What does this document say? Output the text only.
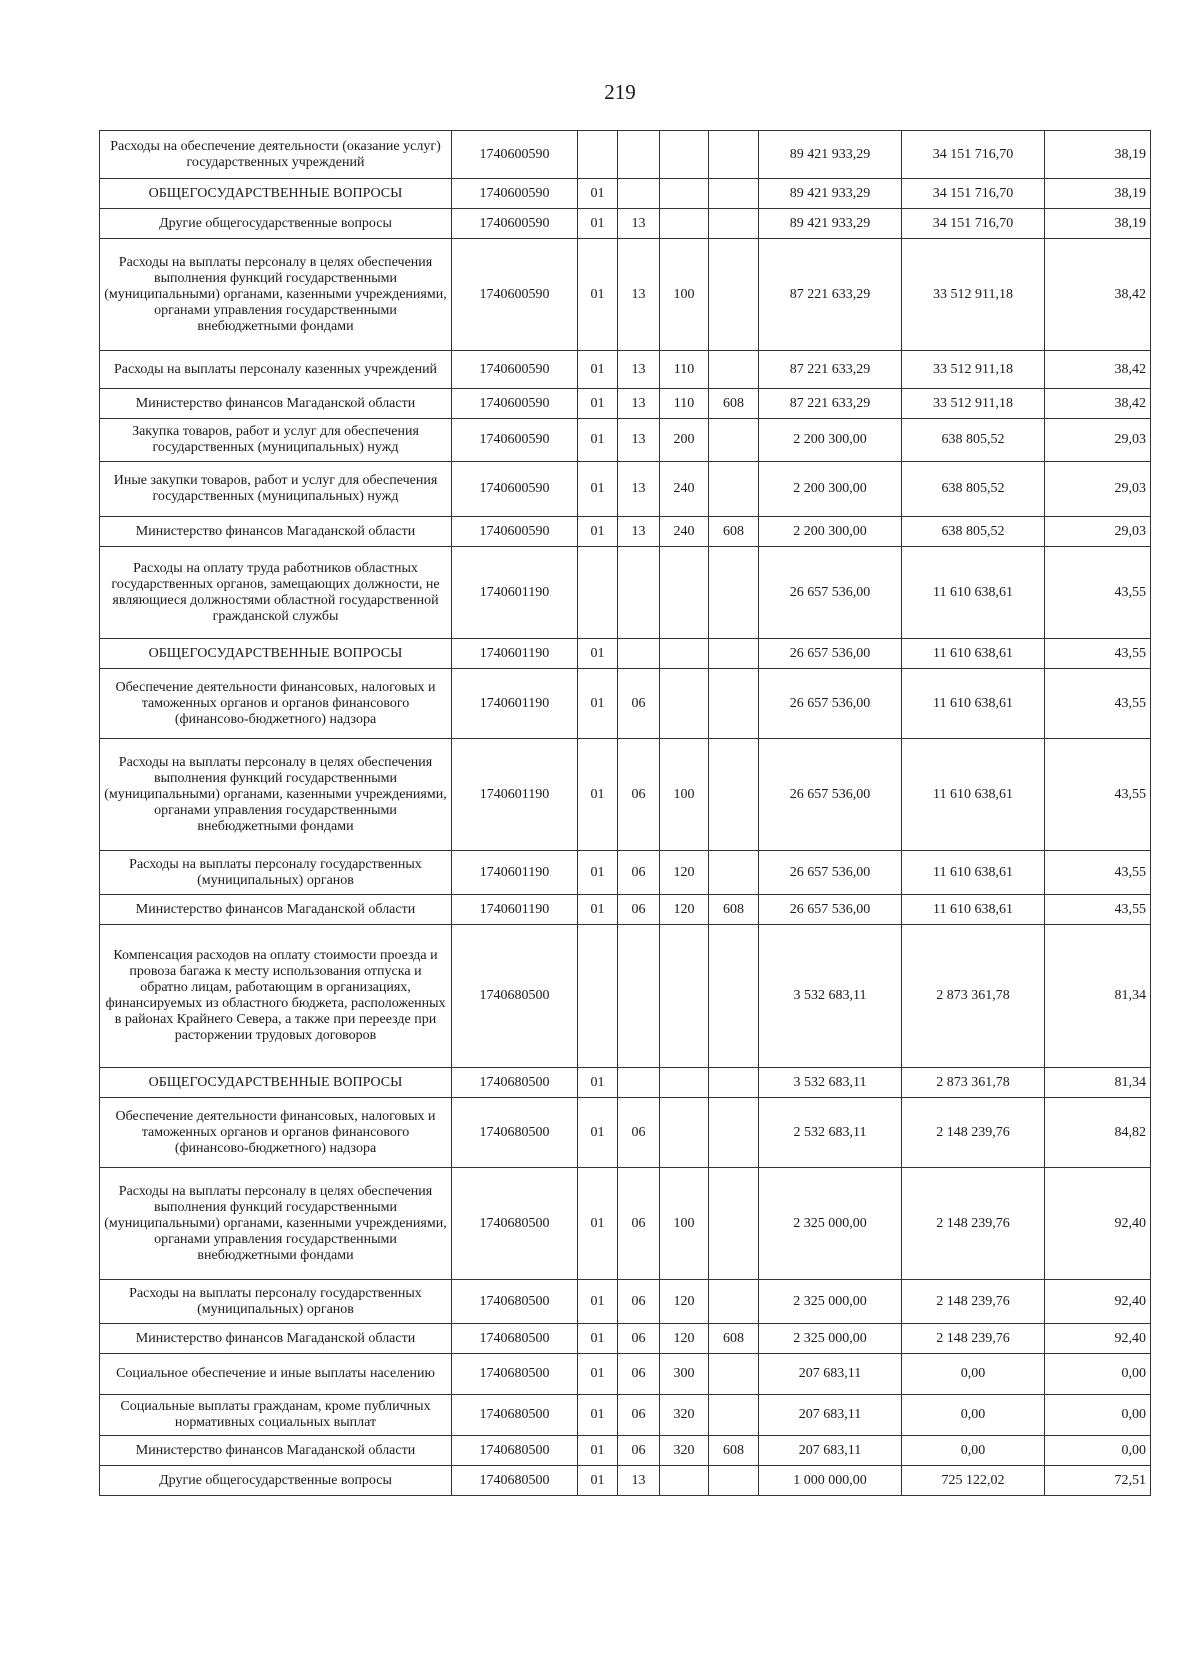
219
Расходы на обеспечение деятельности (оказание услуг) государственных учреждений	1740600590					89 421 933,29	34 151 716,70	38,19
ОБЩЕГОСУДАРСТВЕННЫЕ ВОПРОСЫ	1740600590	01				89 421 933,29	34 151 716,70	38,19
Другие общегосударственные вопросы	1740600590	01	13			89 421 933,29	34 151 716,70	38,19
Расходы на выплаты персоналу в целях обеспечения выполнения функций государственными (муниципальными) органами, казенными учреждениями, органами управления государственными внебюджетными фондами	1740600590	01	13	100		87 221 633,29	33 512 911,18	38,42
Расходы на выплаты персоналу казенных учреждений	1740600590	01	13	110		87 221 633,29	33 512 911,18	38,42
Министерство финансов Магаданской области	1740600590	01	13	110	608	87 221 633,29	33 512 911,18	38,42
Закупка товаров, работ и услуг для обеспечения государственных (муниципальных) нужд	1740600590	01	13	200		2 200 300,00	638 805,52	29,03
Иные закупки товаров, работ и услуг для обеспечения государственных (муниципальных) нужд	1740600590	01	13	240		2 200 300,00	638 805,52	29,03
Министерство финансов Магаданской области	1740600590	01	13	240	608	2 200 300,00	638 805,52	29,03
Расходы на оплату труда работников областных государственных органов, замещающих должности, не являющиеся должностями областной государственной гражданской службы	1740601190					26 657 536,00	11 610 638,61	43,55
ОБЩЕГОСУДАРСТВЕННЫЕ ВОПРОСЫ	1740601190	01				26 657 536,00	11 610 638,61	43,55
Обеспечение деятельности финансовых, налоговых и таможенных органов и органов финансового (финансово-бюджетного) надзора	1740601190	01	06			26 657 536,00	11 610 638,61	43,55
Расходы на выплаты персоналу в целях обеспечения выполнения функций государственными (муниципальными) органами, казенными учреждениями, органами управления государственными внебюджетными фондами	1740601190	01	06	100		26 657 536,00	11 610 638,61	43,55
Расходы на выплаты персоналу государственных (муниципальных) органов	1740601190	01	06	120		26 657 536,00	11 610 638,61	43,55
Министерство финансов Магаданской области	1740601190	01	06	120	608	26 657 536,00	11 610 638,61	43,55
Компенсация расходов на оплату стоимости проезда и провоза багажа к месту использования отпуска и обратно лицам, работающим в организациях, финансируемых из областного бюджета, расположенных в районах Крайнего Севера, а также при переезде при расторжении трудовых договоров	1740680500					3 532 683,11	2 873 361,78	81,34
ОБЩЕГОСУДАРСТВЕННЫЕ ВОПРОСЫ	1740680500	01				3 532 683,11	2 873 361,78	81,34
Обеспечение деятельности финансовых, налоговых и таможенных органов и органов финансового (финансово-бюджетного) надзора	1740680500	01	06			2 532 683,11	2 148 239,76	84,82
Расходы на выплаты персоналу в целях обеспечения выполнения функций государственными (муниципальными) органами, казенными учреждениями, органами управления государственными внебюджетными фондами	1740680500	01	06	100		2 325 000,00	2 148 239,76	92,40
Расходы на выплаты персоналу государственных (муниципальных) органов	1740680500	01	06	120		2 325 000,00	2 148 239,76	92,40
Министерство финансов Магаданской области	1740680500	01	06	120	608	2 325 000,00	2 148 239,76	92,40
Социальное обеспечение и иные выплаты населению	1740680500	01	06	300		207 683,11	0,00	0,00
Социальные выплаты гражданам, кроме публичных нормативных социальных выплат	1740680500	01	06	320		207 683,11	0,00	0,00
Министерство финансов Магаданской области	1740680500	01	06	320	608	207 683,11	0,00	0,00
Другие общегосударственные вопросы	1740680500	01	13			1 000 000,00	725 122,02	72,51
